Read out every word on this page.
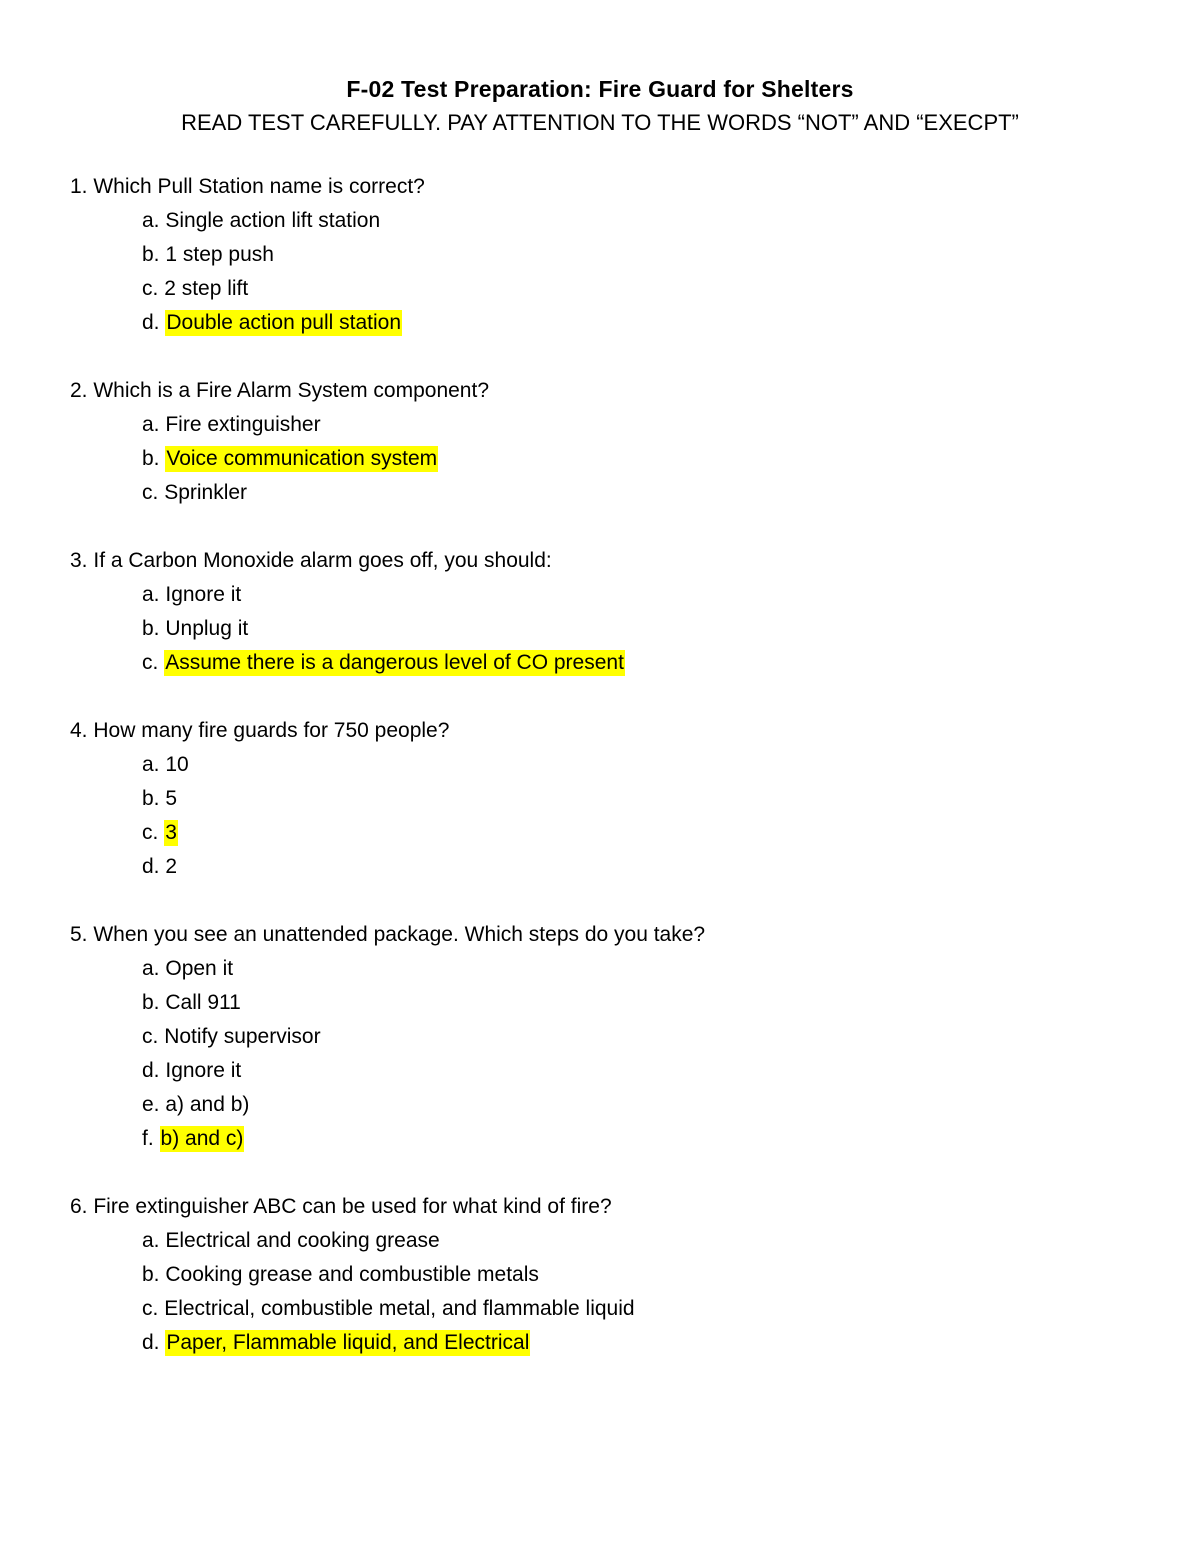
F-02 Test Preparation: Fire Guard for Shelters
READ TEST CAREFULLY. PAY ATTENTION TO THE WORDS “NOT” AND “EXECPT”
1. Which Pull Station name is correct?
a. Single action lift station
b. 1 step push
c. 2 step lift
d. Double action pull station
2. Which is a Fire Alarm System component?
a. Fire extinguisher
b. Voice communication system
c. Sprinkler
3. If a Carbon Monoxide alarm goes off, you should:
a. Ignore it
b. Unplug it
c. Assume there is a dangerous level of CO present
4. How many fire guards for 750 people?
a. 10
b. 5
c. 3
d. 2
5. When you see an unattended package. Which steps do you take?
a. Open it
b. Call 911
c. Notify supervisor
d. Ignore it
e. a) and b)
f. b) and c)
6. Fire extinguisher ABC can be used for what kind of fire?
a. Electrical and cooking grease
b. Cooking grease and combustible metals
c. Electrical, combustible metal, and flammable liquid
d. Paper, Flammable liquid, and Electrical
